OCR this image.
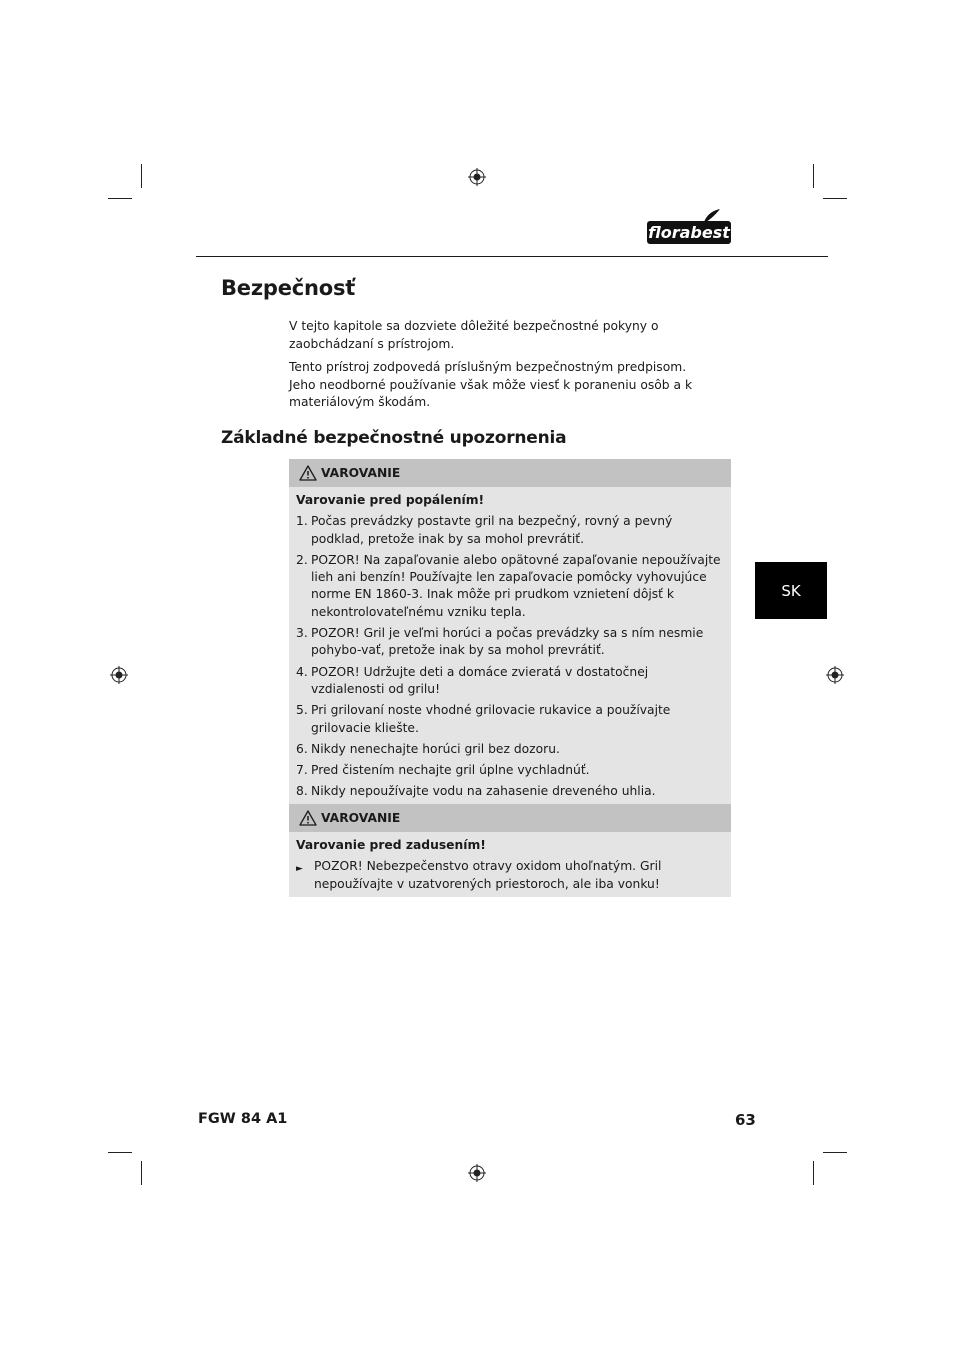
florabest
Bezpečnosť

V tejto kapitole sa dozviete dôležité bezpečnostné pokyny o zaobchádzaní s prístrojom.

Tento prístroj zodpovedá príslušným bezpečnostným predpisom.

Jeho neodborné používanie však môže viesť k poraneniu osôb a k materiálovým škodám.

Základné bezpečnostné upozornenia
SK
VAROVANIE
Varovanie pred popálením!
1. Počas prevádzky postavte gril na bezpečný, rovný a pevný podklad, pretože inak by sa mohol prevrátiť.
2. POZOR! Na zapaľovanie alebo opätovné zapaľovanie nepoužívajte lieh ani benzín! Používajte len zapaľovacie pomôcky vyhovujúce norme EN 1860-3. Inak môže pri prudkom vznietení dôjsť k nekontrolovateľnému vzniku tepla.
3. POZOR! Gril je veľmi horúci a počas prevádzky sa s ním nesmie pohybo-vať, pretože inak by sa mohol prevrátiť.
4. POZOR! Udržujte deti a domáce zvieratá v dostatočnej vzdialenosti od grilu!
5. Pri grilovaní noste vhodné grilovacie rukavice a používajte grilovacie kliešte.
6. Nikdy nenechajte horúci gril bez dozoru.
7. Pred čistením nechajte gril úplne vychladnúť.
8. Nikdy nepoužívajte vodu na zahasenie dreveného uhlia.
VAROVANIE
Varovanie pred zadusením!
► POZOR! Nebezpečenstvo otravy oxidom uhoľnatým. Gril nepoužívajte v uzatvorených priestoroch, ale iba vonku!
FGW 84 A1	63
